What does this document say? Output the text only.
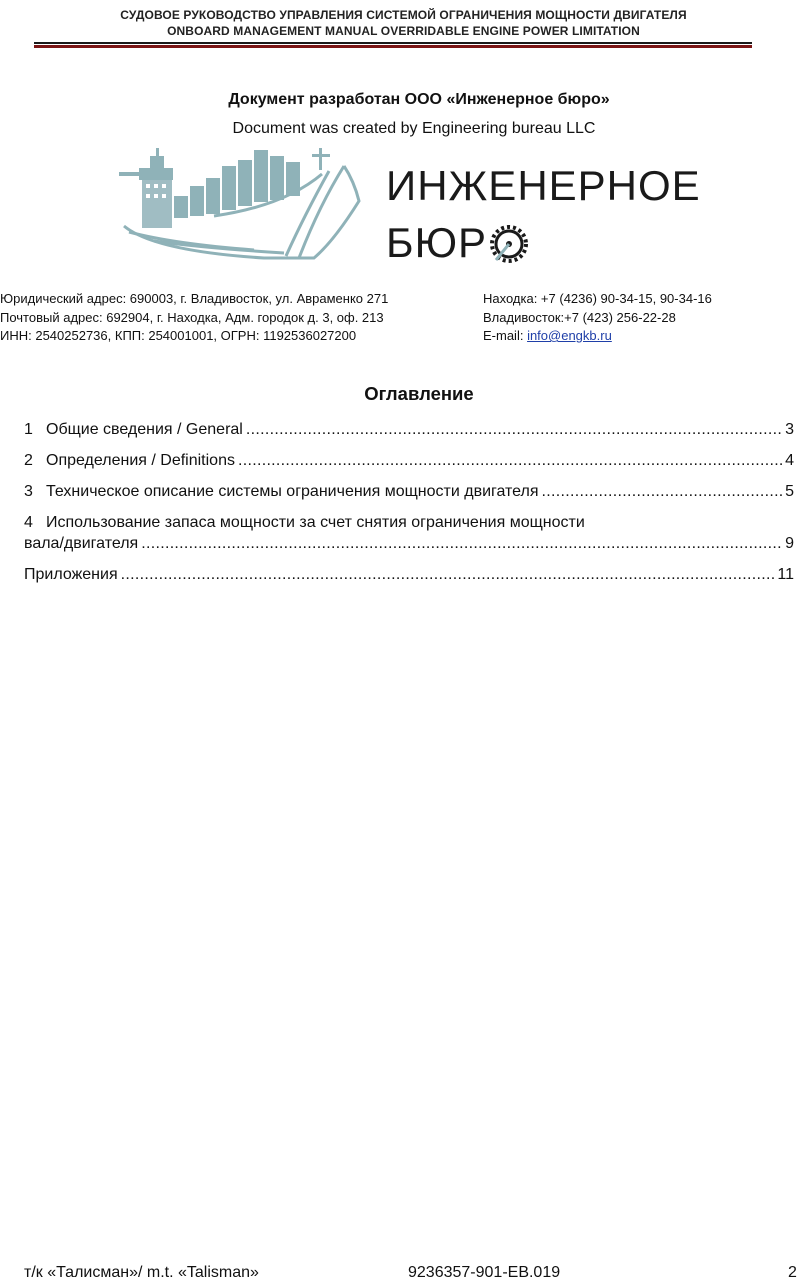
СУДОВОЕ РУКОВОДСТВО УПРАВЛЕНИЯ СИСТЕМОЙ ОГРАНИЧЕНИЯ МОЩНОСТИ ДВИГАТЕЛЯ
ONBOARD MANAGEMENT MANUAL OVERRIDABLE ENGINE POWER LIMITATION
Документ разработан ООО «Инженерное бюро»
Document was created by Engineering bureau LLC
ИНЖЕНЕРНОЕ
БЮР
Юридический адрес: 690003, г. Владивосток, ул. Авраменко 271
Почтовый адрес: 692904, г. Находка, Адм. городок д. 3, оф. 213
ИНН: 2540252736, КПП: 254001001, ОГРН: 1192536027200
Находка: +7 (4236) 90-34-15, 90-34-16
Владивосток:+7 (423) 256-22-28
E-mail: info@engkb.ru
Оглавление
1 Общие сведения / General .....	3
2 Определения / Definitions .....	4
3 Техническое описание системы ограничения мощности двигателя .....	5
4 Использование запаса мощности за счет снятия ограничения мощности
вала/двигателя .....	9
Приложения .....	11
т/к «Талисман»/ m.t. «Talisman»	9236357-901-EB.019	2
